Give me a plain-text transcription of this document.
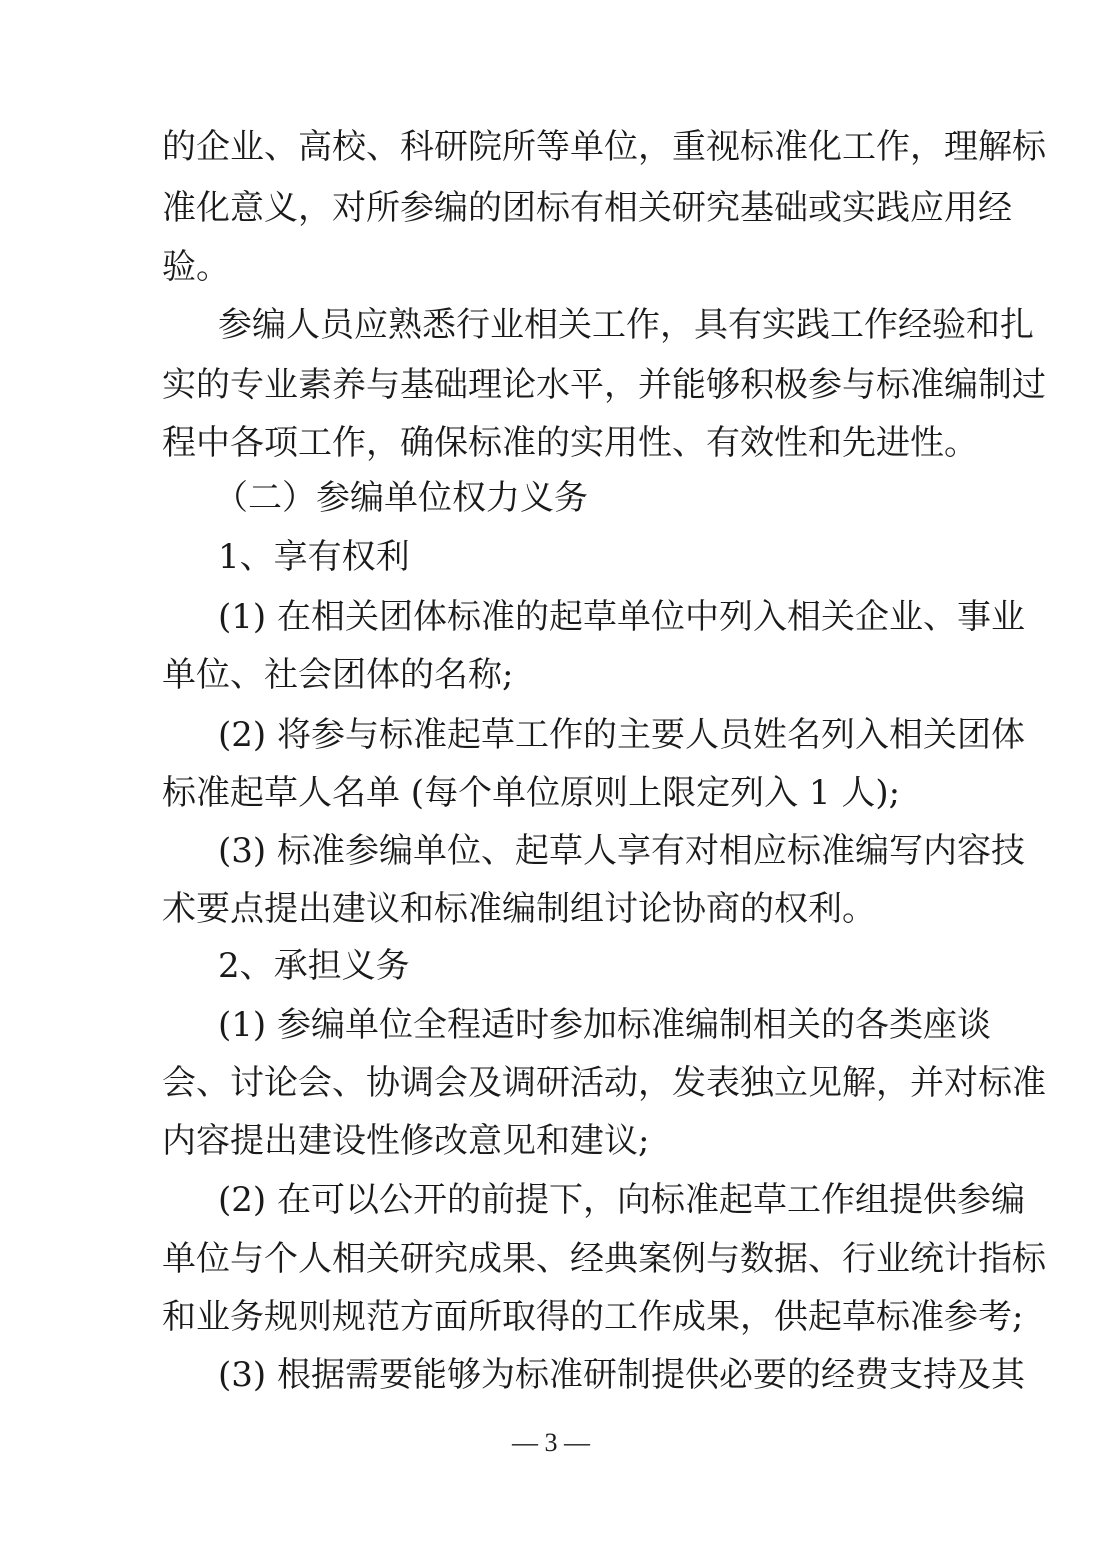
的企业、高校、科研院所等单位，重视标准化工作，理解标
准化意义，对所参编的团标有相关研究基础或实践应用经
验。
参编人员应熟悉行业相关工作，具有实践工作经验和扎
实的专业素养与基础理论水平，并能够积极参与标准编制过
程中各项工作，确保标准的实用性、有效性和先进性。
（二）参编单位权力义务
1、享有权利
(1) 在相关团体标准的起草单位中列入相关企业、事业
单位、社会团体的名称;
(2) 将参与标准起草工作的主要人员姓名列入相关团体
标准起草人名单 (每个单位原则上限定列入 1 人);
(3) 标准参编单位、起草人享有对相应标准编写内容技
术要点提出建议和标准编制组讨论协商的权利。
2、承担义务
(1) 参编单位全程适时参加标准编制相关的各类座谈
会、讨论会、协调会及调研活动，发表独立见解，并对标准
内容提出建设性修改意见和建议;
(2) 在可以公开的前提下，向标准起草工作组提供参编
单位与个人相关研究成果、经典案例与数据、行业统计指标
和业务规则规范方面所取得的工作成果，供起草标准参考;
(3) 根据需要能够为标准研制提供必要的经费支持及其
— 3 —
